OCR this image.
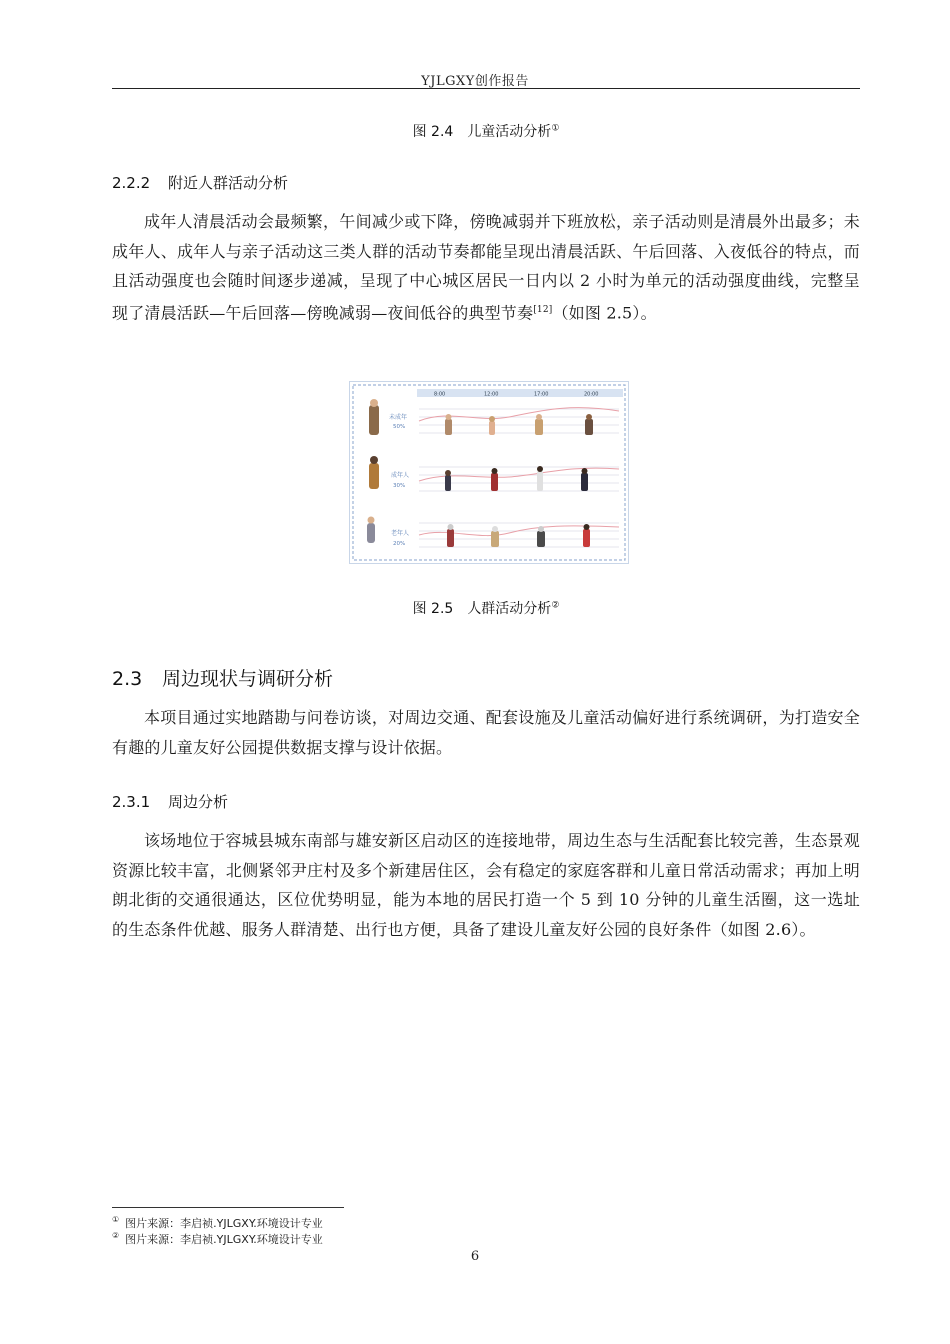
YJLGXY创作报告
图 2.4 儿童活动分析①
2.2.2 附近人群活动分析
成年人清晨活动会最频繁，午间减少或下降，傍晚减弱并下班放松，亲子活动则是清晨外出最多；未成年人、成年人与亲子活动这三类人群的活动节奏都能呈现出清晨活跃、午后回落、入夜低谷的特点，而且活动强度也会随时间逐步递减，呈现了中心城区居民一日内以 2 小时为单元的活动强度曲线，完整呈现了清晨活跃—午后回落—傍晚减弱—夜间低谷的典型节奏[12]（如图 2.5）。
8:00	12:00	17:00	20:00
未成年
50%
成年人
30%
老年人
20%
图 2.5 人群活动分析②
2.3 周边现状与调研分析
本项目通过实地踏勘与问卷访谈，对周边交通、配套设施及儿童活动偏好进行系统调研，为打造安全有趣的儿童友好公园提供数据支撑与设计依据。
2.3.1 周边分析
该场地位于容城县城东南部与雄安新区启动区的连接地带，周边生态与生活配套比较完善，生态景观资源比较丰富，北侧紧邻尹庄村及多个新建居住区，会有稳定的家庭客群和儿童日常活动需求；再加上明朗北街的交通很通达，区位优势明显，能为本地的居民打造一个 5 到 10 分钟的儿童生活圈，这一选址的生态条件优越、服务人群清楚、出行也方便，具备了建设儿童友好公园的良好条件（如图 2.6）。
① 图片来源：李启祯.YJLGXY.环境设计专业
② 图片来源：李启祯.YJLGXY.环境设计专业
6
